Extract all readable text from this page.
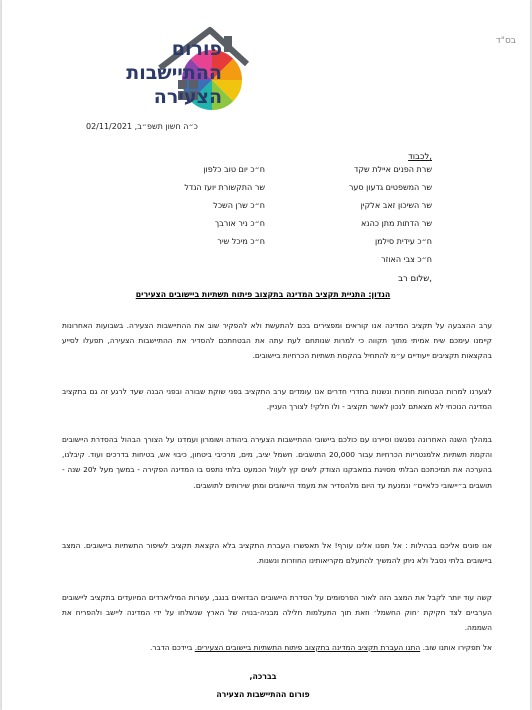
בס"ד
פורום
ההתיישבות
הצעירה
כ״ה חשון תשפ״ב, 02/11/2021
לכבוד,
שרת הפנים איילת שקד
שר המשפטים גדעון סער
שר השיכון זאב אלקין
שר הדתות מתן כהנא
ח״כ עידית סילמן
ח״כ צבי האוזר
ח״כ יום טוב כלפון
שר התקשורת יועז הנדל
ח״כ שרן השכל
ח״כ ניר אורבך
ח״כ מיכל שיר
שלום רב,
הנדון: התניית תקציב המדינה בתקצוב פיתוח תשתיות ביישובים הצעירים
ערב ההצבעה על תקציב המדינה אנו קוראים ומפצירים בכם להתעשת ולא להפקיר שוב את ההתיישבות הצעירה. בשבועות האחרונות קיימנו עימכם שיח אמיתי מתוך תקווה כי למרות שנותחם לעת עתה את הבטחתכם להסדיר את ההתיישבות הצעירה, תפעלו לסייע בהקצאות תקציבים ייעודיים ע״מ להתחיל בהקמת תשתיות הכרחיות ביישובים.
לצערנו למרות הבטחות חוזרות ונשנות בחדרי חדרים אנו עומדים ערב התקציב בפני שוקת שבורה ובפני הבנה שעד לרגע זה גם בתקציב המדינה הנוכחי לא מצאתם לנכון לאשר תקציב - ולו חלקי! לצורך העניין.
במהלך השנה האחרונה נפגשנו וסיירנו עם כולכם ביישובי ההתיישבות הצעירה ביהודה ושומרון ועמדנו על הצורך הבהול בהסדרת היישובים והקמת תשתיות אלמנטריות הכרחיות עבור 20,000 התושבים. חשמל יציב, מים, מרכיבי ביטחון, כיבוי אש, בטיחות בדרכים ועוד. קיבלנו, בהערכה את תמיכתכם הבלתי מסויגת במאבקנו הצודק לשים קץ לעוול הכמעט בלתי נתפס בו המדינה הפקירה - במשך מעל ל20 שנה - תושבים ב״יישובי כלאיים״ ונמנעת עד היום מלהסדיר את מעמד היישובים ומתן שירותים לתושבים.
אנו פונים אליכם בבהילות : אל תפנו אלינו עורף! אל תאפשרו העברת התקציב בלא הקצאת תקציב לשיפור התשתיות ביישובים. המצב ביישובים בלתי נסבל ולא ניתן להמשיך להתעלם מקריאותינו החוזרות ונשנות.
קשה עוד יותר לקבל את המצב הזה לאור הפרסומים על הסדרת היישובים הבדואים בנגב, עשרות המיליארדים המיועדים בתקציב ליישובים הערביים לצד חקיקת ׳חוק החשמל׳ וזאת תוך התעלמות חלילה מבניה-בנויה של הארץ שנשלחו על ידי המדינה ליישב ולהפריח את השממה.
אל תפקירו אותנו שוב. התנו העברת תקציב המדינה בתקצוב פיתוח התשתיות ביישובים הצעירים. ביידכם הדבר.
בברכה,
פורום ההתיישבות הצעירה
